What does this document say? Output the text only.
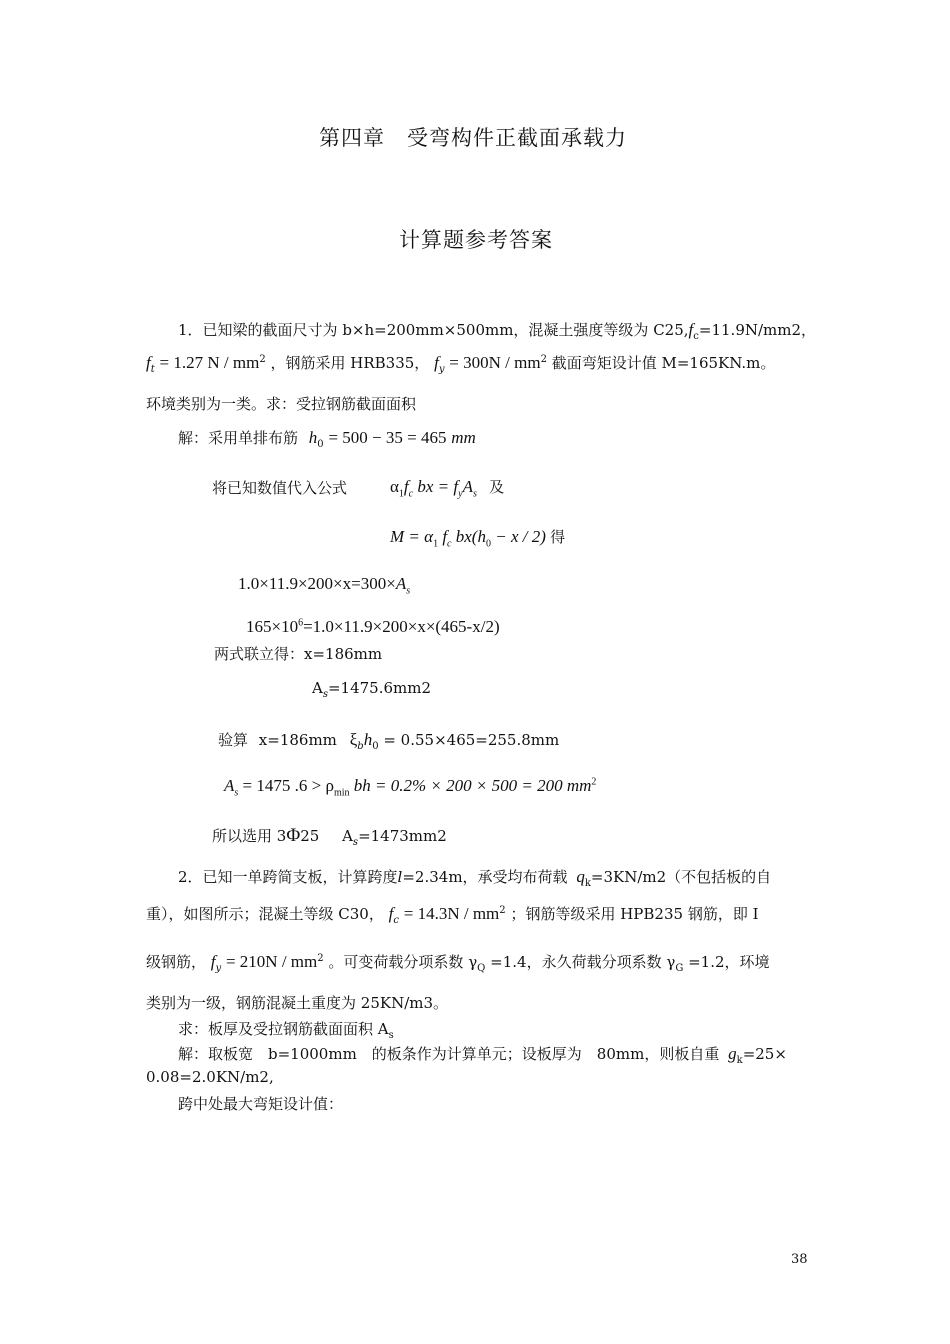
第四章　受弯构件正截面承载力
计算题参考答案
1．已知梁的截面尺寸为 b×h=200mm×500mm，混凝土强度等级为 $C25,f_c=11.9N/mm2$，
$f_t = 1.27$ N / $mm^2$ ，钢筋采用 HRB335， $f_y = 300N / mm^2$ 截面弯矩设计值 M=165KN.m。
环境类别为一类。求：受拉钢筋截面面积
解：采用单排布筋 $h_0 = 500 - 35 = 465$ mm
将已知数值代入公式	$\alpha_1f_c$ bx = $f_yA_s$ 及
$M = \alpha_1$ $f_c$ $bx(h_0 - x / 2)$ 得
$1.0\times 11.9\times 200\times x=300\times A_s$
$165\times 10^6=1.0\times 11.9\times 200\times x\times(465-x/2)$
两式联立得：x=186mm
$A_s=1475.6mm2$
验算 x=186mm $\xi_bh_0 = 0.55\times 465=255.8mm$
$A_s = 1475$ $.6 > \rho_{min}$ bh = 0.2% × 200 × 500 = 200 $mm^2$
所以选用 3Φ25 $A_s=1473mm2$
2．已知一单跨简支板，计算跨度l=2.34m，承受均布荷载 $q_k=3KN/m2$（不包括板的自
重），如图所示；混凝土等级 C30， $f_c = 14.3N / mm^2$ ；钢筋等级采用 HPB235 钢筋，即 I
级钢筋， $f_y = 210N / mm^2$ 。可变荷载分项系数 $\gamma_Q =1.4$，永久荷载分项系数 $\gamma_G =1.2$，环境
类别为一级，钢筋混凝土重度为 25KN/m3。
求：板厚及受拉钢筋截面面积 $A_s$
解：取板宽　b=1000mm　的板条作为计算单元；设板厚为　80mm，则板自重 $g_k=25\times$
0.08=2.0KN/m2,
跨中处最大弯矩设计值：
38
